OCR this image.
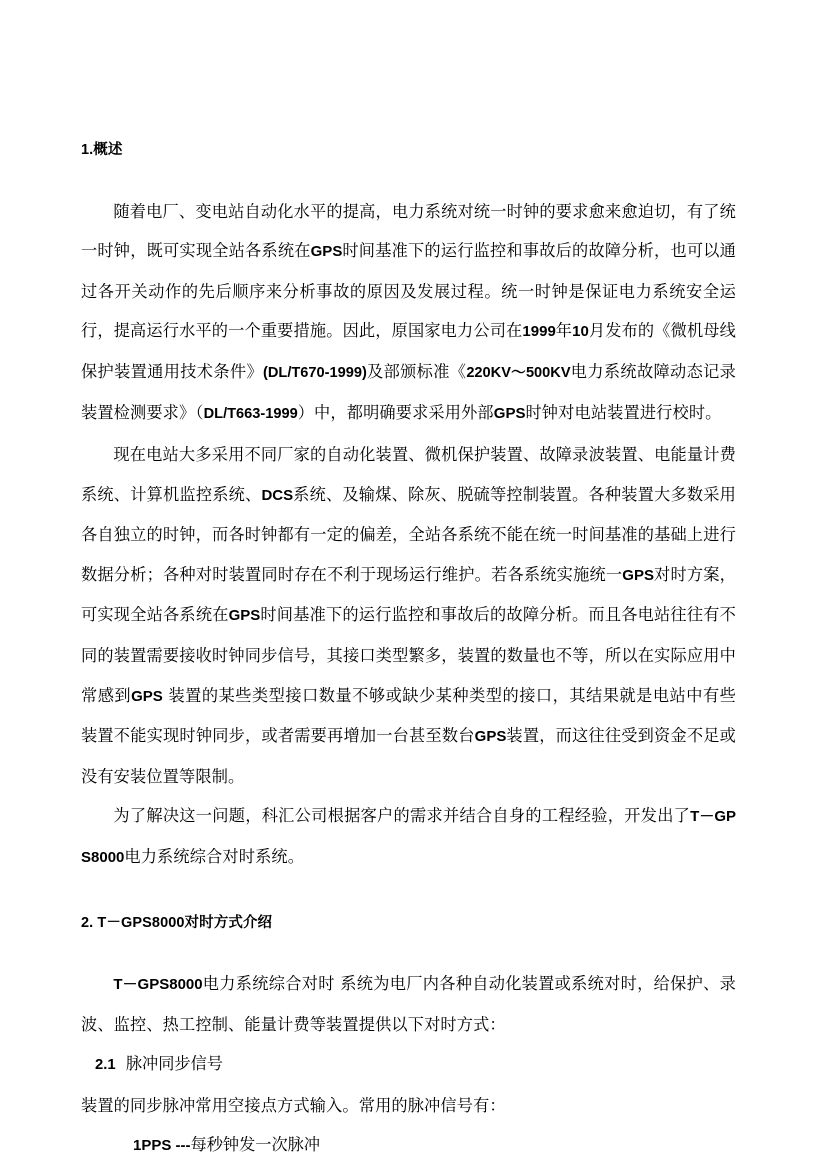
1.概述

随着电厂、变电站自动化水平的提高，电力系统对统一时钟的要求愈来愈迫切，有了统一时钟，既可实现全站各系统在GPS时间基准下的运行监控和事故后的故障分析，也可以通过各开关动作的先后顺序来分析事故的原因及发展过程。统一时钟是保证电力系统安全运行，提高运行水平的一个重要措施。因此，原国家电力公司在1999年10月发布的《微机母线保护装置通用技术条件》(DL/T670-1999)及部颁标准《220KV～500KV电力系统故障动态记录装置检测要求》（DL/T663-1999）中，都明确要求采用外部GPS时钟对电站装置进行校时。

现在电站大多采用不同厂家的自动化装置、微机保护装置、故障录波装置、电能量计费系统、计算机监控系统、DCS系统、及输煤、除灰、脱硫等控制装置。各种装置大多数采用各自独立的时钟，而各时钟都有一定的偏差，全站各系统不能在统一时间基准的基础上进行数据分析；各种对时装置同时存在不利于现场运行维护。若各系统实施统一GPS对时方案，可实现全站各系统在GPS时间基准下的运行监控和事故后的故障分析。而且各电站往往有不同的装置需要接收时钟同步信号，其接口类型繁多，装置的数量也不等，所以在实际应用中常感到GPS 装置的某些类型接口数量不够或缺少某种类型的接口，其结果就是电站中有些装置不能实现时钟同步，或者需要再增加一台甚至数台GPS装置，而这往往受到资金不足或没有安装位置等限制。

为了解决这一问题，科汇公司根据客户的需求并结合自身的工程经验，开发出了T－GPS8000电力系统综合对时系统。

2. T－GPS8000对时方式介绍

T－GPS8000电力系统综合对时 系统为电厂内各种自动化装置或系统对时，给保护、录波、监控、热工控制、能量计费等装置提供以下对时方式：

2.1 脉冲同步信号

装置的同步脉冲常用空接点方式输入。常用的脉冲信号有：

1PPS ---每秒钟发一次脉冲
